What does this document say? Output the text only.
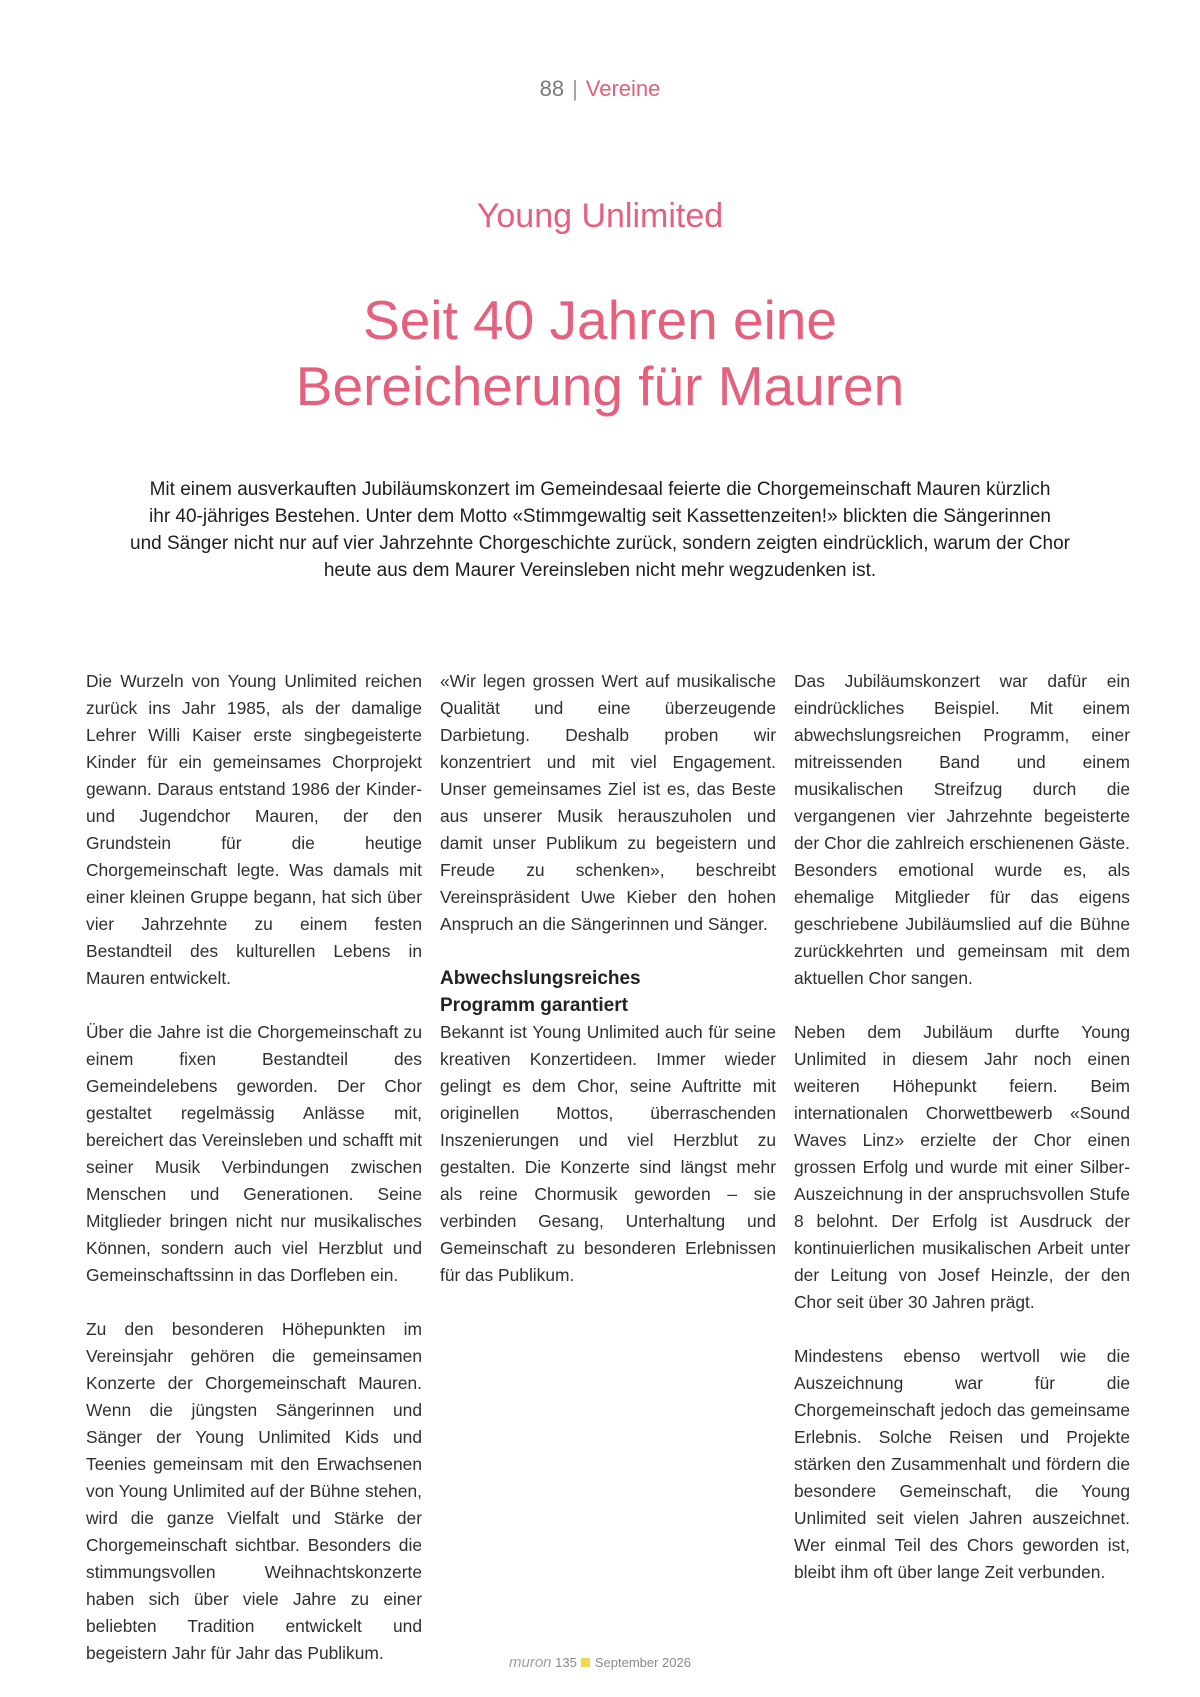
88 | Vereine
Young Unlimited
Seit 40 Jahren eine
Bereicherung für Mauren
Mit einem ausverkauften Jubiläumskonzert im Gemeindesaal feierte die Chorgemeinschaft Mauren kürzlich
ihr 40-jähriges Bestehen. Unter dem Motto «Stimmgewaltig seit Kassettenzeiten!» blickten die Sängerinnen
und Sänger nicht nur auf vier Jahrzehnte Chorgeschichte zurück, sondern zeigten eindrücklich, warum der Chor
heute aus dem Maurer Vereinsleben nicht mehr wegzudenken ist.

Die Wurzeln von Young Unlimited reichen zurück ins Jahr 1985, als der damalige Lehrer Willi Kaiser erste singbegeisterte Kinder für ein gemeinsames Chorprojekt gewann. Daraus entstand 1986 der Kinder- und Jugendchor Mauren, der den Grundstein für die heutige Chorgemeinschaft legte. Was damals mit einer kleinen Gruppe begann, hat sich über vier Jahrzehnte zu einem festen Bestandteil des kulturellen Lebens in Mauren entwickelt.

Über die Jahre ist die Chorgemeinschaft zu einem fixen Bestandteil des Gemeindelebens geworden. Der Chor gestaltet regelmässig Anlässe mit, bereichert das Vereinsleben und schafft mit seiner Musik Verbindungen zwischen Menschen und Generationen. Seine Mitglieder bringen nicht nur musikalisches Können, sondern auch viel Herzblut und Gemeinschaftssinn in das Dorfleben ein.

Zu den besonderen Höhepunkten im Vereinsjahr gehören die gemeinsamen Konzerte der Chorgemeinschaft Mauren. Wenn die jüngsten Sängerinnen und Sänger der Young Unlimited Kids und Teenies gemeinsam mit den Erwachsenen von Young Unlimited auf der Bühne stehen, wird die ganze Vielfalt und Stärke der Chorgemeinschaft sichtbar. Besonders die stimmungsvollen Weihnachtskonzerte haben sich über viele Jahre zu einer beliebten Tradition entwickelt und begeistern Jahr für Jahr das Publikum.

«Wir legen grossen Wert auf musikalische Qualität und eine überzeugende Darbietung. Deshalb proben wir konzentriert und mit viel Engagement. Unser gemeinsames Ziel ist es, das Beste aus unserer Musik herauszuholen und damit unser Publikum zu begeistern und Freude zu schenken», beschreibt Vereinspräsident Uwe Kieber den hohen Anspruch an die Sängerinnen und Sänger.

Abwechslungsreiches
Programm garantiert

Bekannt ist Young Unlimited auch für seine kreativen Konzertideen. Immer wieder gelingt es dem Chor, seine Auftritte mit originellen Mottos, überraschenden Inszenierungen und viel Herzblut zu gestalten. Die Konzerte sind längst mehr als reine Chormusik geworden – sie verbinden Gesang, Unterhaltung und Gemeinschaft zu besonderen Erlebnissen für das Publikum.

Das Jubiläumskonzert war dafür ein eindrückliches Beispiel. Mit einem abwechslungsreichen Programm, einer mitreissenden Band und einem musikalischen Streifzug durch die vergangenen vier Jahrzehnte begeisterte der Chor die zahlreich erschienenen Gäste. Besonders emotional wurde es, als ehemalige Mitglieder für das eigens geschriebene Jubiläumslied auf die Bühne zurückkehrten und gemeinsam mit dem aktuellen Chor sangen.

Neben dem Jubiläum durfte Young Unlimited in diesem Jahr noch einen weiteren Höhepunkt feiern. Beim internationalen Chorwettbewerb «Sound Waves Linz» erzielte der Chor einen grossen Erfolg und wurde mit einer Silber-Auszeichnung in der anspruchsvollen Stufe 8 belohnt. Der Erfolg ist Ausdruck der kontinuierlichen musikalischen Arbeit unter der Leitung von Josef Heinzle, der den Chor seit über 30 Jahren prägt.

Mindestens ebenso wertvoll wie die Auszeichnung war für die Chorgemeinschaft jedoch das gemeinsame Erlebnis. Solche Reisen und Projekte stärken den Zusammenhalt und fördern die besondere Gemeinschaft, die Young Unlimited seit vielen Jahren auszeichnet. Wer einmal Teil des Chors geworden ist, bleibt ihm oft über lange Zeit verbunden.

muron 135 September 2026
